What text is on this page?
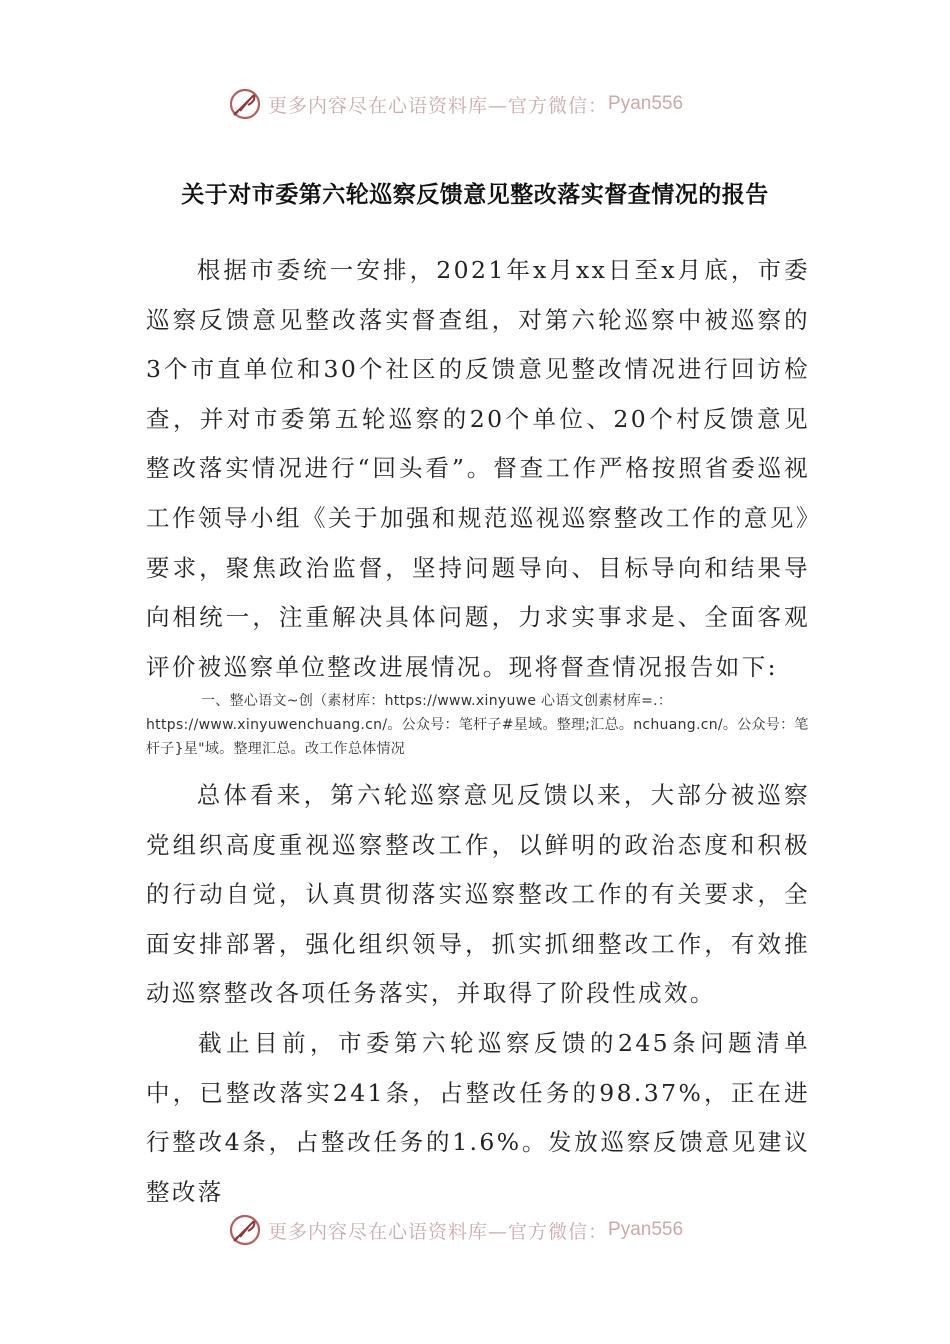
更多内容尽在心语资料库—官方微信： Pyan556
关于对市委第六轮巡察反馈意见整改落实督查情况的报告
根据市委统一安排，2021年x月xx日至x月底，市委巡察反馈意见整改落实督查组，对第六轮巡察中被巡察的3个市直单位和30个社区的反馈意见整改情况进行回访检查，并对市委第五轮巡察的20个单位、20个村反馈意见整改落实情况进行“回头看”。督查工作严格按照省委巡视工作领导小组《关于加强和规范巡视巡察整改工作的意见》要求，聚焦政治监督，坚持问题导向、目标导向和结果导向相统一，注重解决具体问题，力求实事求是、全面客观评价被巡察单位整改进展情况。现将督查情况报告如下:
一、整心语文~创（素材库：https://www.xinyuwe 心语文创素材库=.：https://www.xinyuwenchuang.cn/。公众号：笔杆子#星域。整理;汇总。nchuang.cn/。公众号：笔杆子}星"域。整理汇总。改工作总体情况
总体看来，第六轮巡察意见反馈以来，大部分被巡察党组织高度重视巡察整改工作，以鲜明的政治态度和积极的行动自觉，认真贯彻落实巡察整改工作的有关要求，全面安排部署，强化组织领导，抓实抓细整改工作，有效推动巡察整改各项任务落实，并取得了阶段性成效。
截止目前，市委第六轮巡察反馈的245条问题清单中，已整改落实241条，占整改任务的98.37%，正在进行整改4条，占整改任务的1.6%。发放巡察反馈意见建议整改落
更多内容尽在心语资料库—官方微信： Pyan556
